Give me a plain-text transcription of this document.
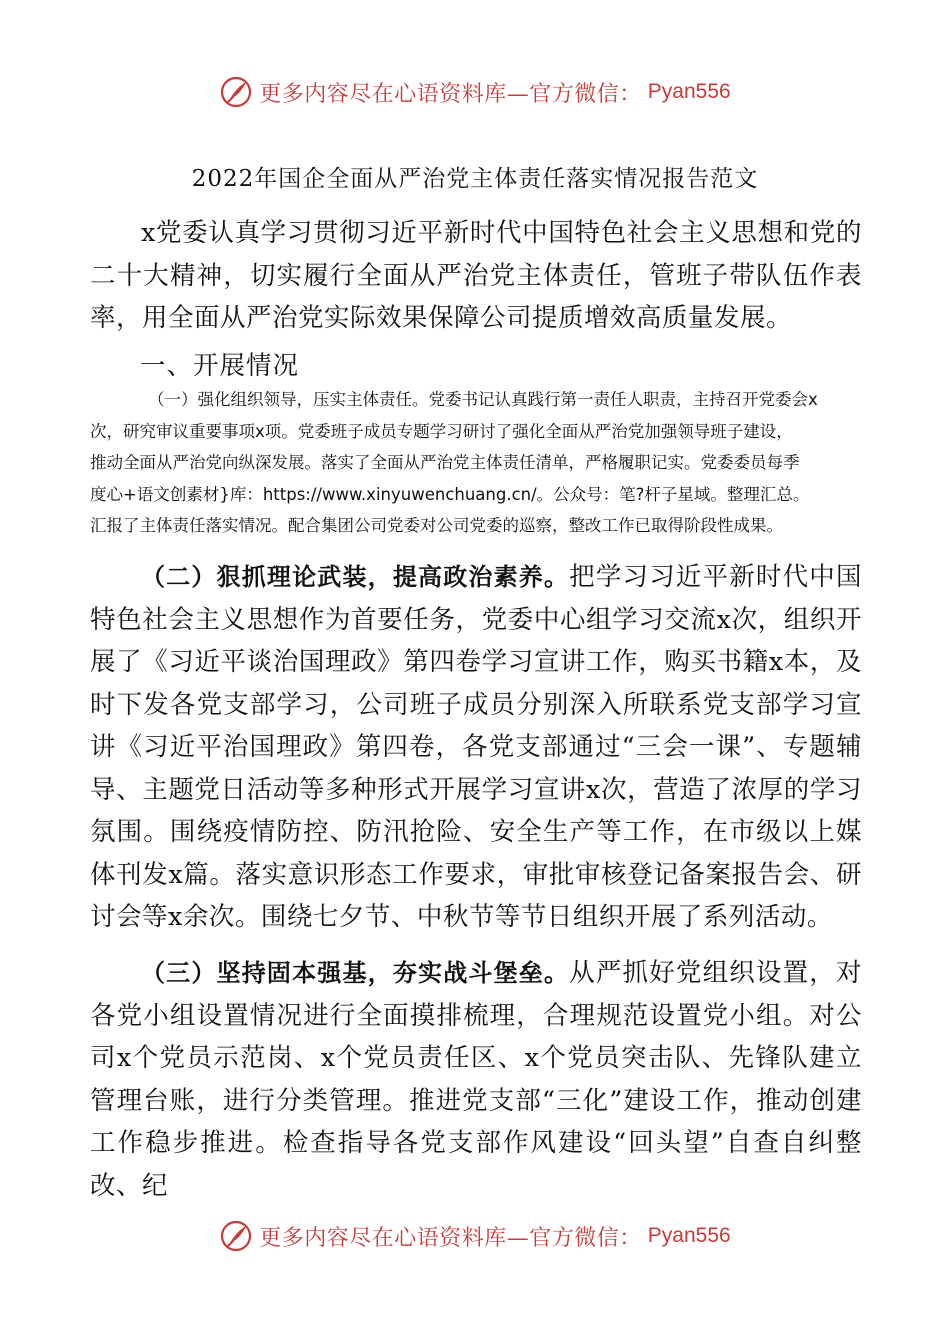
更多内容尽在心语资料库—官方微信： Pyan556
2022年国企全面从严治党主体责任落实情况报告范文
x党委认真学习贯彻习近平新时代中国特色社会主义思想和党的二十大精神，切实履行全面从严治党主体责任，管班子带队伍作表率，用全面从严治党实际效果保障公司提质增效高质量发展。
一、开展情况
（一）强化组织领导，压实主体责任。党委书记认真践行第一责任人职责，主持召开党委会x
次，研究审议重要事项x项。党委班子成员专题学习研讨了强化全面从严治党加强领导班子建设，
推动全面从严治党向纵深发展。落实了全面从严治党主体责任清单，严格履职记实。党委委员每季
度心+语文创素材}库：https://www.xinyuwenchuang.cn/。公众号：笔?杆子星域。整理汇总。
汇报了主体责任落实情况。配合集团公司党委对公司党委的巡察，整改工作已取得阶段性成果。
（二）狠抓理论武装，提高政治素养。把学习习近平新时代中国特色社会主义思想作为首要任务，党委中心组学习交流x次，组织开展了《习近平谈治国理政》第四卷学习宣讲工作，购买书籍x本，及时下发各党支部学习，公司班子成员分别深入所联系党支部学习宣讲《习近平治国理政》第四卷，各党支部通过“三会一课”、专题辅导、主题党日活动等多种形式开展学习宣讲x次，营造了浓厚的学习氛围。围绕疫情防控、防汛抢险、安全生产等工作，在市级以上媒体刊发x篇。落实意识形态工作要求，审批审核登记备案报告会、研讨会等x余次。围绕七夕节、中秋节等节日组织开展了系列活动。
（三）坚持固本强基，夯实战斗堡垒。从严抓好党组织设置，对各党小组设置情况进行全面摸排梳理，合理规范设置党小组。对公司x个党员示范岗、x个党员责任区、x个党员突击队、先锋队建立管理台账，进行分类管理。推进党支部“三化”建设工作，推动创建工作稳步推进。检查指导各党支部作风建设“回头望”自查自纠整改、纪
更多内容尽在心语资料库—官方微信： Pyan556
